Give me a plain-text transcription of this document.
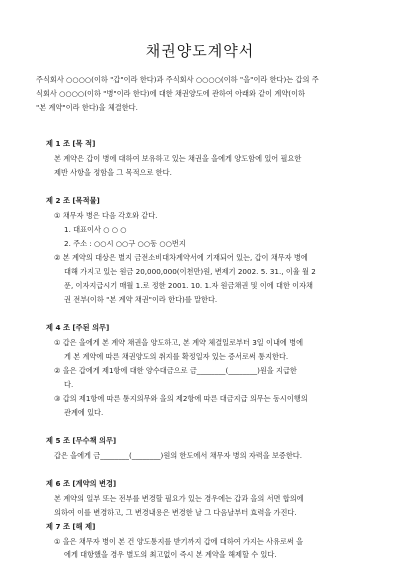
채권양도계약서
주식회사 ○○○○(이하 "갑"이라 한다)과 주식회사 ○○○○(이하 "을"이라 한다)는 갑의 주
식회사 ○○○○(이하 "병"이라 한다)에 대한 채권양도에 관하여 아래와 같이 계약(이하
"본 계약"이라 한다)을 체결한다.
제 1 조 [목 적]
본 계약은 갑이 병에 대하여 보유하고 있는 채권을 을에게 양도함에 있어 필요한
제반 사항을 정함을 그 목적으로 한다.
제 2 조 [목적물]
① 채무자 병은 다음 각호와 같다.
1. 대표이사 ○ ○ ○
2. 주소 : ○○시 ○○구 ○○동 ○○번지
② 본 계약의 대상은 별지 금전소비대차계약서에 기재되어 있는, 갑이 채무자 병에
대해 가지고 있는 원금 20,000,000(이천만)원, 변제기 2002. 5. 31., 이율 월 2
푼, 이자지급시기 매월 1.로 정한 2001. 10. 1.자 원금채권 및 이에 대한 이자채
권 전부(이하 "본 계약 채권"이라 한다)를 말한다.
제 4 조 [주된 의무]
① 갑은 을에게 본 계약 채권을 양도하고, 본 계약 체결일로부터 3일 이내에 병에
게 본 계약에 따른 채권양도의 취지를 확정일자 있는 증서로써 통지한다.
② 을은 갑에게 제1항에 대한 양수대금으로 금________(________)원을 지급한
다.
③ 갑의 제1항에 따른 통지의무와 을의 제2항에 따른 대금지급 의무는 동시이행의
관계에 있다.
제 5 조 [무수책 의무]
갑은 을에게 금________(________)원의 한도에서 채무자 병의 자력을 보증한다.
제 6 조 [계약의 변경]
본 계약의 일부 또는 전부를 변경할 필요가 있는 경우에는 갑과 을의 서면 합의에
의하여 이를 변경하고, 그 변경내용은 변경한 날 그 다음날부터 효력을 가진다.
제 7 조 [해 제]
① 을은 채무자 병이 본 건 양도통지를 받기까지 갑에 대하여 가지는 사유로써 을
에게 대항했을 경우 별도의 최고없이 즉시 본 계약을 해제할 수 있다.
